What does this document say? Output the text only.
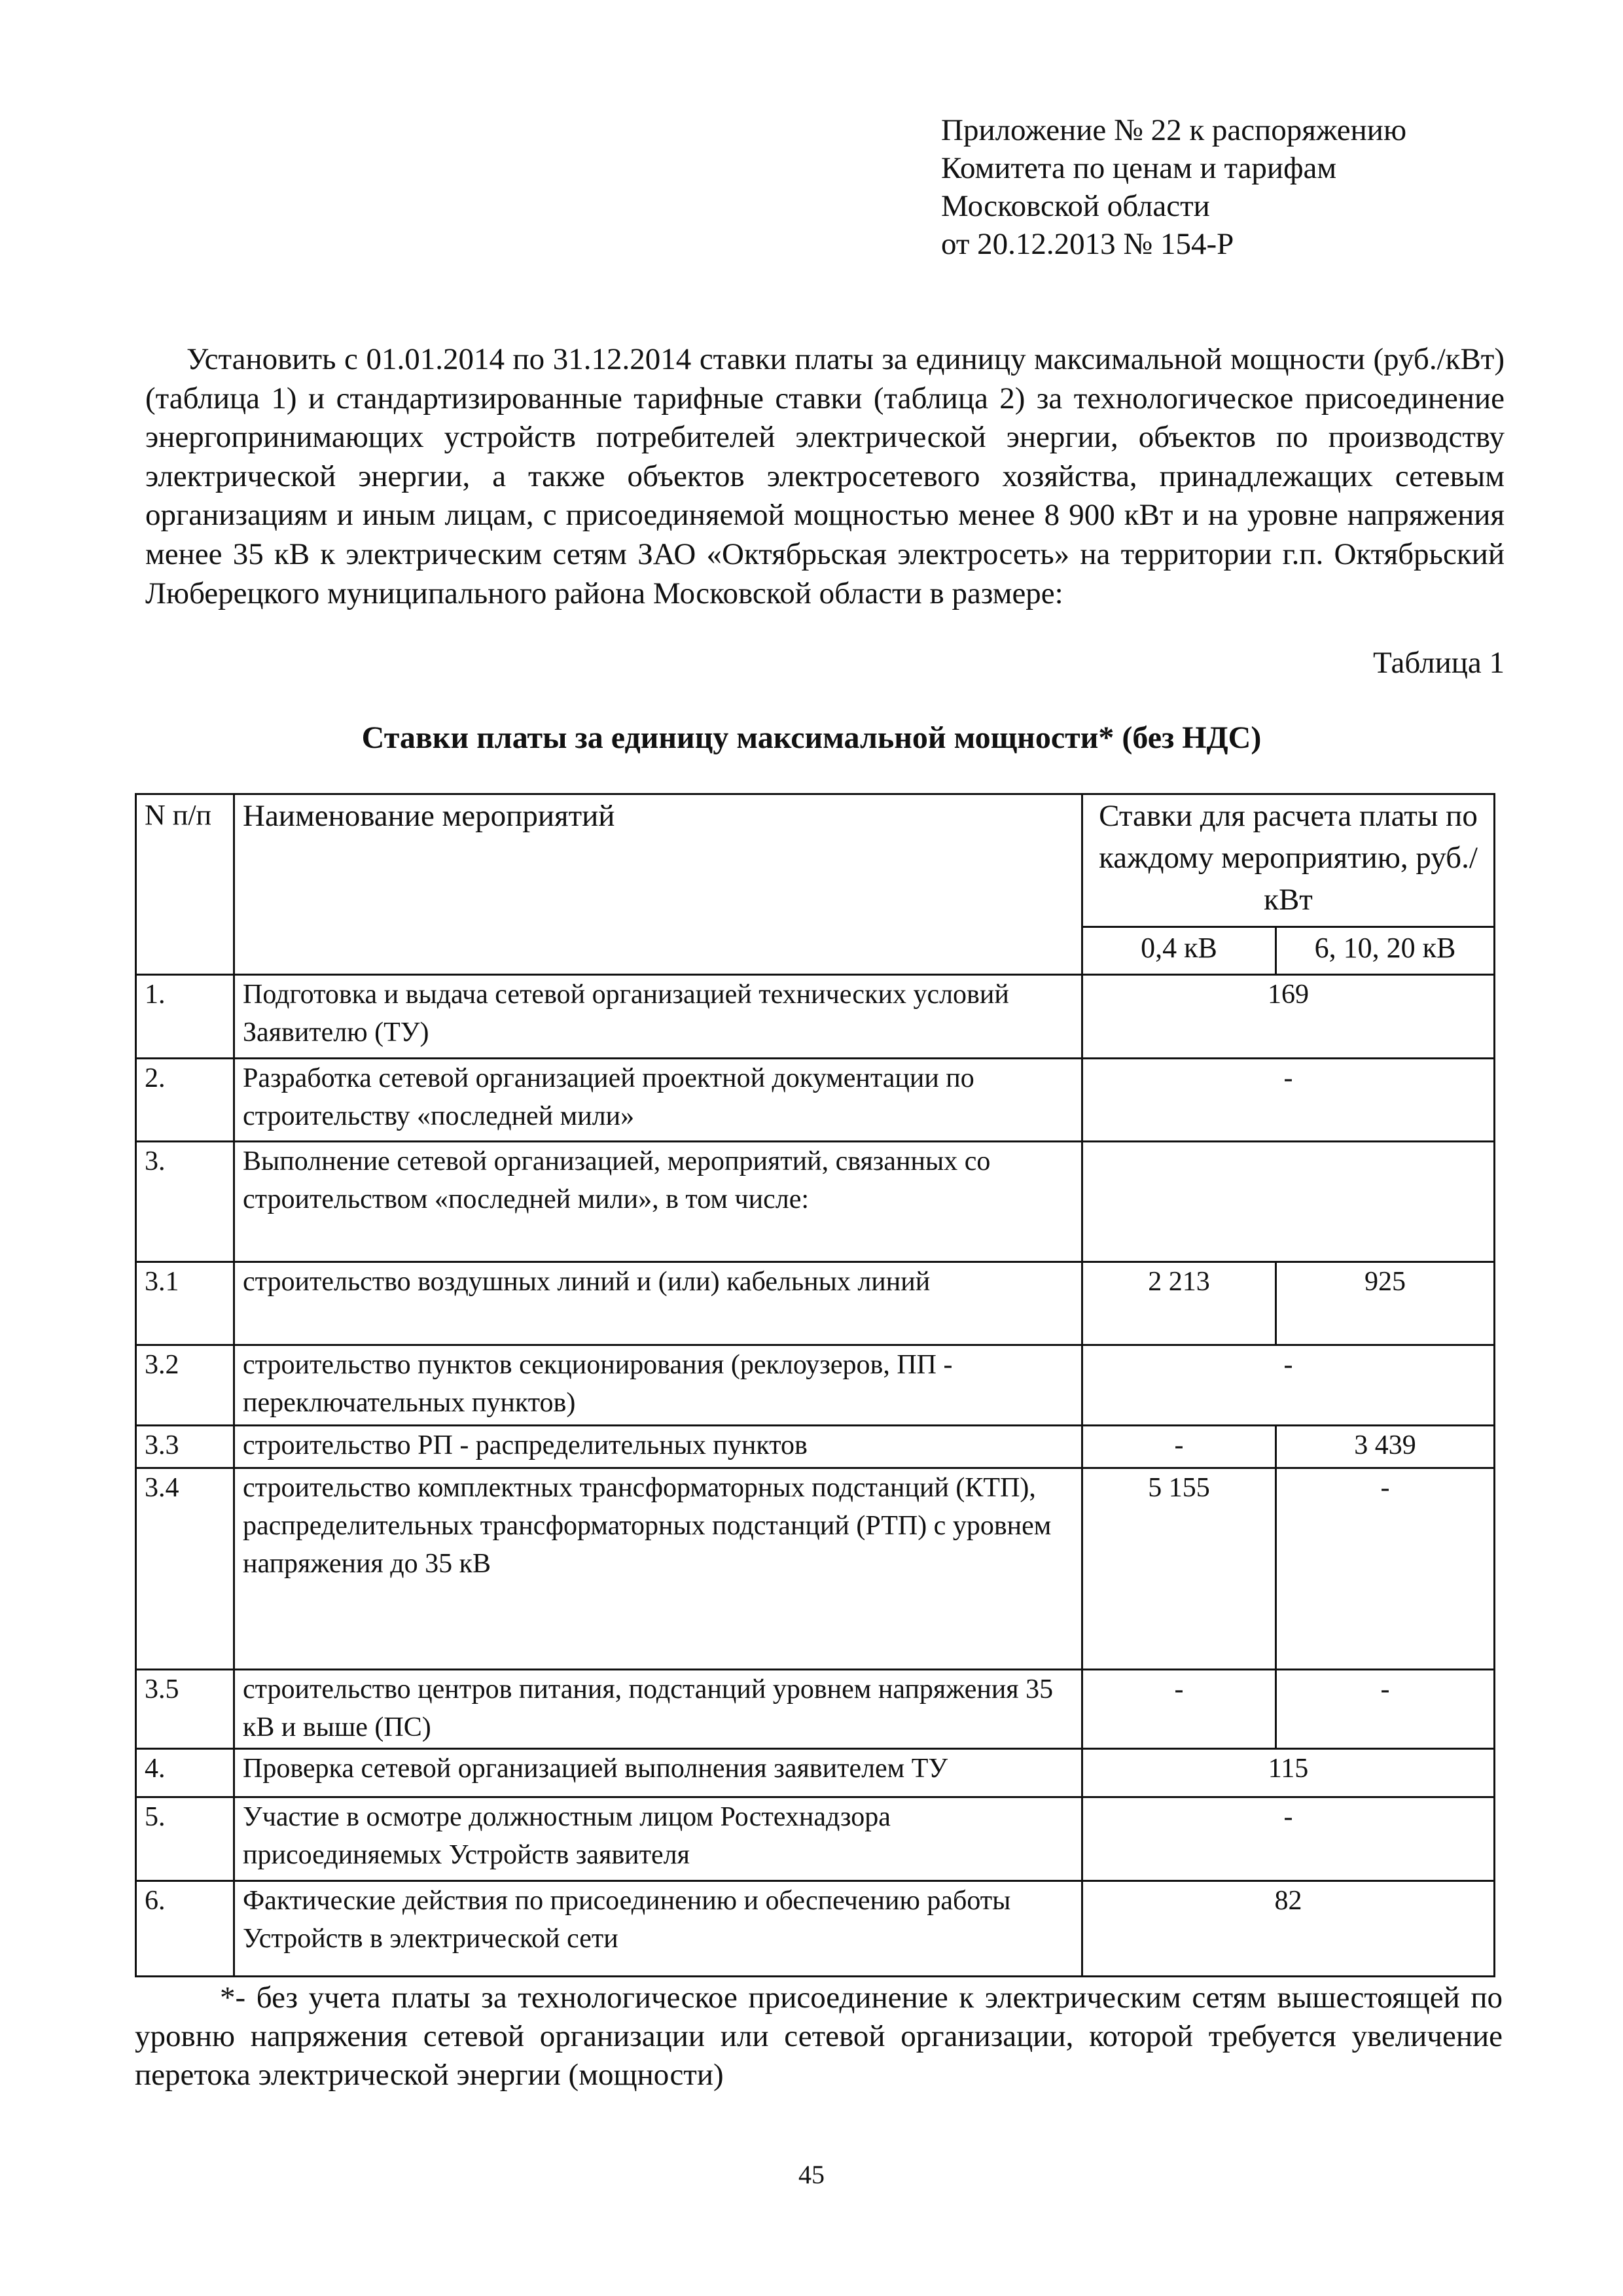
Приложение № 22 к распоряжению
Комитета по ценам и тарифам
Московской области
от 20.12.2013 № 154-Р

Установить с 01.01.2014 по 31.12.2014 ставки платы за единицу максимальной мощности (руб./кВт) (таблица 1) и стандартизированные тарифные ставки (таблица 2) за технологическое присоединение энергопринимающих устройств потребителей электрической энергии, объектов по производству электрической энергии, а также объектов электросетевого хозяйства, принадлежащих сетевым организациям и иным лицам, с присоединяемой мощностью менее 8 900 кВт и на уровне напряжения менее 35 кВ к электрическим сетям ЗАО «Октябрьская электросеть» на территории г.п. Октябрьский Люберецкого муниципального района Московской области в размере:

Таблица 1
Ставки платы за единицу максимальной мощности* (без НДС)
N п/п	Наименование мероприятий	Ставки для расчета платы по каждому мероприятию, руб./кВт	
		0,4 кВ	6, 10, 20 кВ
1.	Подготовка и выдача сетевой организацией технических условий Заявителю (ТУ)	169	
2.	Разработка сетевой организацией проектной документации по строительству «последней мили»	-	
3.	Выполнение сетевой организацией, мероприятий, связанных со строительством «последней мили», в том числе:		
3.1	строительство воздушных линий и (или) кабельных линий	2 213	925
3.2	строительство пунктов секционирования (реклоузеров, ПП - переключательных пунктов)	-	
3.3	строительство РП - распределительных пунктов	-	3 439
3.4	строительство комплектных трансформаторных подстанций (КТП), распределительных трансформаторных подстанций (РТП) с уровнем напряжения до 35 кВ	5 155	-
3.5	строительство центров питания, подстанций уровнем напряжения 35 кВ и выше (ПС)	-	-
4.	Проверка сетевой организацией выполнения заявителем ТУ	115	
5.	Участие в осмотре должностным лицом Ростехнадзора присоединяемых Устройств заявителя	-	
6.	Фактические действия по присоединению и обеспечению работы Устройств в электрической сети	82	

*- без учета платы за технологическое присоединение к электрическим сетям вышестоящей по уровню напряжения сетевой организации или сетевой организации, которой требуется увеличение перетока электрической энергии (мощности)

45
